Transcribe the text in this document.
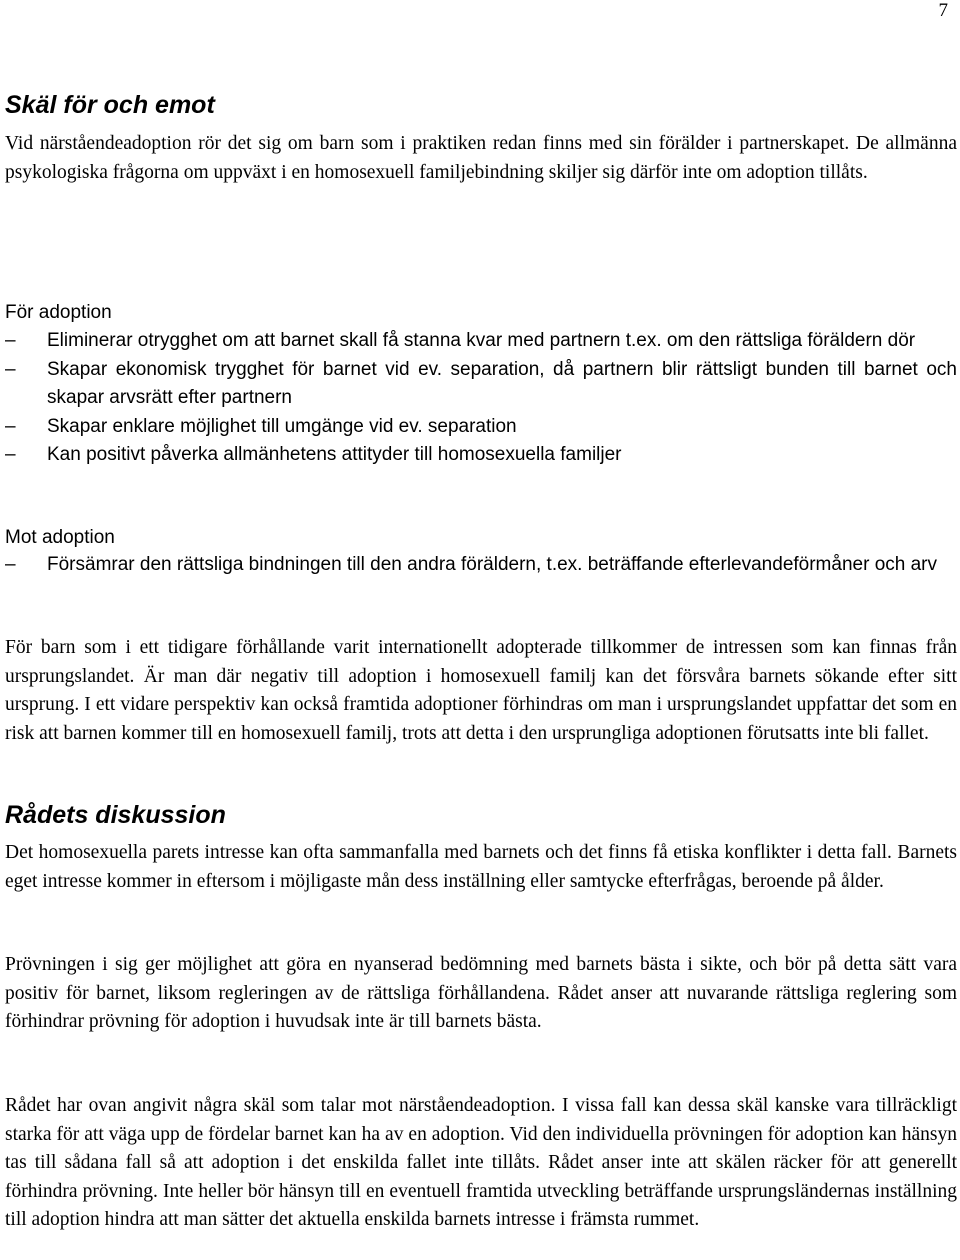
7
Skäl för och emot

Vid närståendeadoption rör det sig om barn som i praktiken redan finns med sin förälder i partnerskapet. De allmänna psykologiska frågorna om uppväxt i en homosexuell familjebindning skiljer sig därför inte om adoption tillåts.

För adoption
–	Eliminerar otrygghet om att barnet skall få stanna kvar med partnern t.ex. om den rättsliga föräldern dör
–	Skapar ekonomisk trygghet för barnet vid ev. separation, då partnern blir rättsligt bunden till barnet och skapar arvsrätt efter partnern
–	Skapar enklare möjlighet till umgänge vid ev. separation
–	Kan positivt påverka allmänhetens attityder till homosexuella familjer
Mot adoption
–	Försämrar den rättsliga bindningen till den andra föräldern, t.ex. beträffande efterlevandeförmåner och arv

För barn som i ett tidigare förhållande varit internationellt adopterade tillkommer de intressen som kan finnas från ursprungslandet. Är man där negativ till adoption i homosexuell familj kan det försvåra barnets sökande efter sitt ursprung. I ett vidare perspektiv kan också framtida adoptioner förhindras om man i ursprungslandet uppfattar det som en risk att barnen kommer till en homosexuell familj, trots att detta i den ursprungliga adoptionen förutsatts inte bli fallet.

Rådets diskussion

Det homosexuella parets intresse kan ofta sammanfalla med barnets och det finns få etiska konflikter i detta fall. Barnets eget intresse kommer in eftersom i möjligaste mån dess inställning eller samtycke efterfrågas, beroende på ålder.

Prövningen i sig ger möjlighet att göra en nyanserad bedömning med barnets bästa i sikte, och bör på detta sätt vara positiv för barnet, liksom regleringen av de rättsliga förhållandena. Rådet anser att nuvarande rättsliga reglering som förhindrar prövning för adoption i huvudsak inte är till barnets bästa.

Rådet har ovan angivit några skäl som talar mot närståendeadoption. I vissa fall kan dessa skäl kanske vara tillräckligt starka för att väga upp de fördelar barnet kan ha av en adoption. Vid den individuella prövningen för adoption kan hänsyn tas till sådana fall så att adoption i det enskilda fallet inte tillåts. Rådet anser inte att skälen räcker för att generellt förhindra prövning. Inte heller bör hänsyn till en eventuell framtida utveckling beträffande ursprungsländernas inställning till adoption hindra att man sätter det aktuella enskilda barnets intresse i främsta rummet.
